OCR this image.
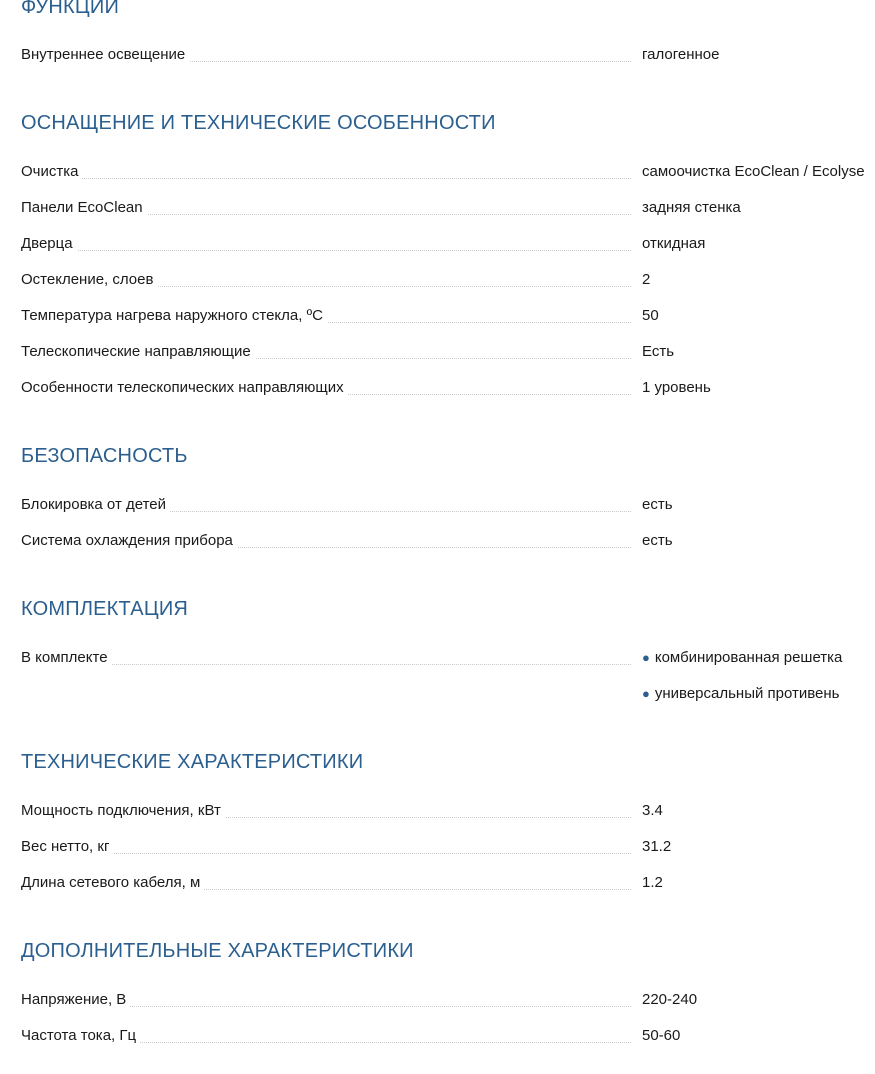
ФУНКЦИИ
Внутреннее освещение	галогенное
ОСНАЩЕНИЕ И ТЕХНИЧЕСКИЕ ОСОБЕННОСТИ
Очистка	самоочистка EcoClean / Ecolyse
Панели EcoClean	задняя стенка
Дверца	откидная
Остекление, слоев	2
Температура нагрева наружного стекла, ºC	50
Телескопические направляющие	Есть
Особенности телескопических направляющих	1 уровень
БЕЗОПАСНОСТЬ
Блокировка от детей	есть
Система охлаждения прибора	есть
КОМПЛЕКТАЦИЯ
В комплекте	● комбинированная решетка
● универсальный противень
ТЕХНИЧЕСКИЕ ХАРАКТЕРИСТИКИ
Мощность подключения, кВт	3.4
Вес нетто, кг	31.2
Длина сетевого кабеля, м	1.2
ДОПОЛНИТЕЛЬНЫЕ ХАРАКТЕРИСТИКИ
Напряжение, В	220-240
Частота тока, Гц	50-60
